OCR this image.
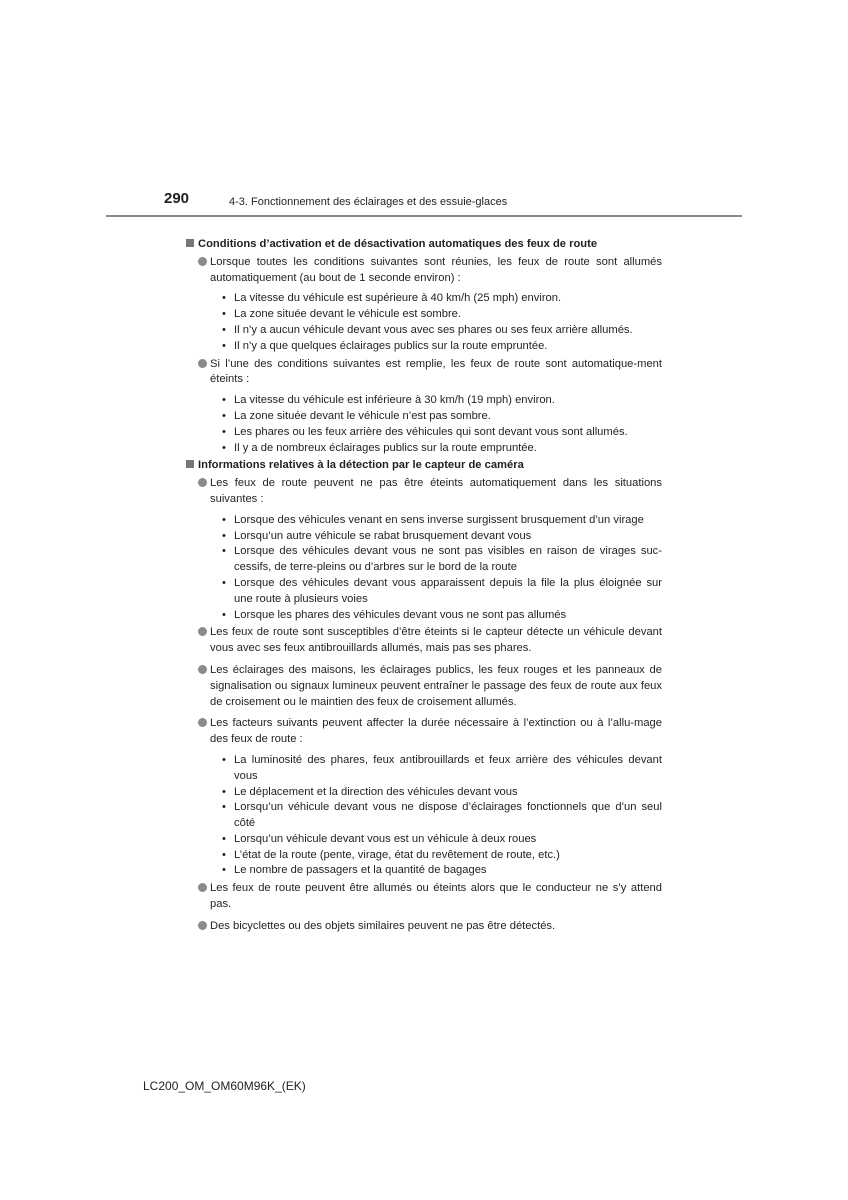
290	4-3. Fonctionnement des éclairages et des essuie-glaces
Conditions d’activation et de désactivation automatiques des feux de route
Lorsque toutes les conditions suivantes sont réunies, les feux de route sont allumés automatiquement (au bout de 1 seconde environ) :
• La vitesse du véhicule est supérieure à 40 km/h (25 mph) environ.
• La zone située devant le véhicule est sombre.
• Il n’y a aucun véhicule devant vous avec ses phares ou ses feux arrière allumés.
• Il n’y a que quelques éclairages publics sur la route empruntée.
Si l’une des conditions suivantes est remplie, les feux de route sont automatique-ment éteints :
• La vitesse du véhicule est inférieure à 30 km/h (19 mph) environ.
• La zone située devant le véhicule n’est pas sombre.
• Les phares ou les feux arrière des véhicules qui sont devant vous sont allumés.
• Il y a de nombreux éclairages publics sur la route empruntée.
Informations relatives à la détection par le capteur de caméra
Les feux de route peuvent ne pas être éteints automatiquement dans les situations suivantes :
• Lorsque des véhicules venant en sens inverse surgissent brusquement d’un virage
• Lorsqu’un autre véhicule se rabat brusquement devant vous
• Lorsque des véhicules devant vous ne sont pas visibles en raison de virages suc-cessifs, de terre-pleins ou d’arbres sur le bord de la route
• Lorsque des véhicules devant vous apparaissent depuis la file la plus éloignée sur une route à plusieurs voies
• Lorsque les phares des véhicules devant vous ne sont pas allumés
Les feux de route sont susceptibles d’être éteints si le capteur détecte un véhicule devant vous avec ses feux antibrouillards allumés, mais pas ses phares.
Les éclairages des maisons, les éclairages publics, les feux rouges et les panneaux de signalisation ou signaux lumineux peuvent entraîner le passage des feux de route aux feux de croisement ou le maintien des feux de croisement allumés.
Les facteurs suivants peuvent affecter la durée nécessaire à l’extinction ou à l’allu-mage des feux de route :
• La luminosité des phares, feux antibrouillards et feux arrière des véhicules devant vous
• Le déplacement et la direction des véhicules devant vous
• Lorsqu’un véhicule devant vous ne dispose d’éclairages fonctionnels que d’un seul côté
• Lorsqu’un véhicule devant vous est un véhicule à deux roues
• L’état de la route (pente, virage, état du revêtement de route, etc.)
• Le nombre de passagers et la quantité de bagages
Les feux de route peuvent être allumés ou éteints alors que le conducteur ne s’y attend pas.
Des bicyclettes ou des objets similaires peuvent ne pas être détectés.
LC200_OM_OM60M96K_(EK)
